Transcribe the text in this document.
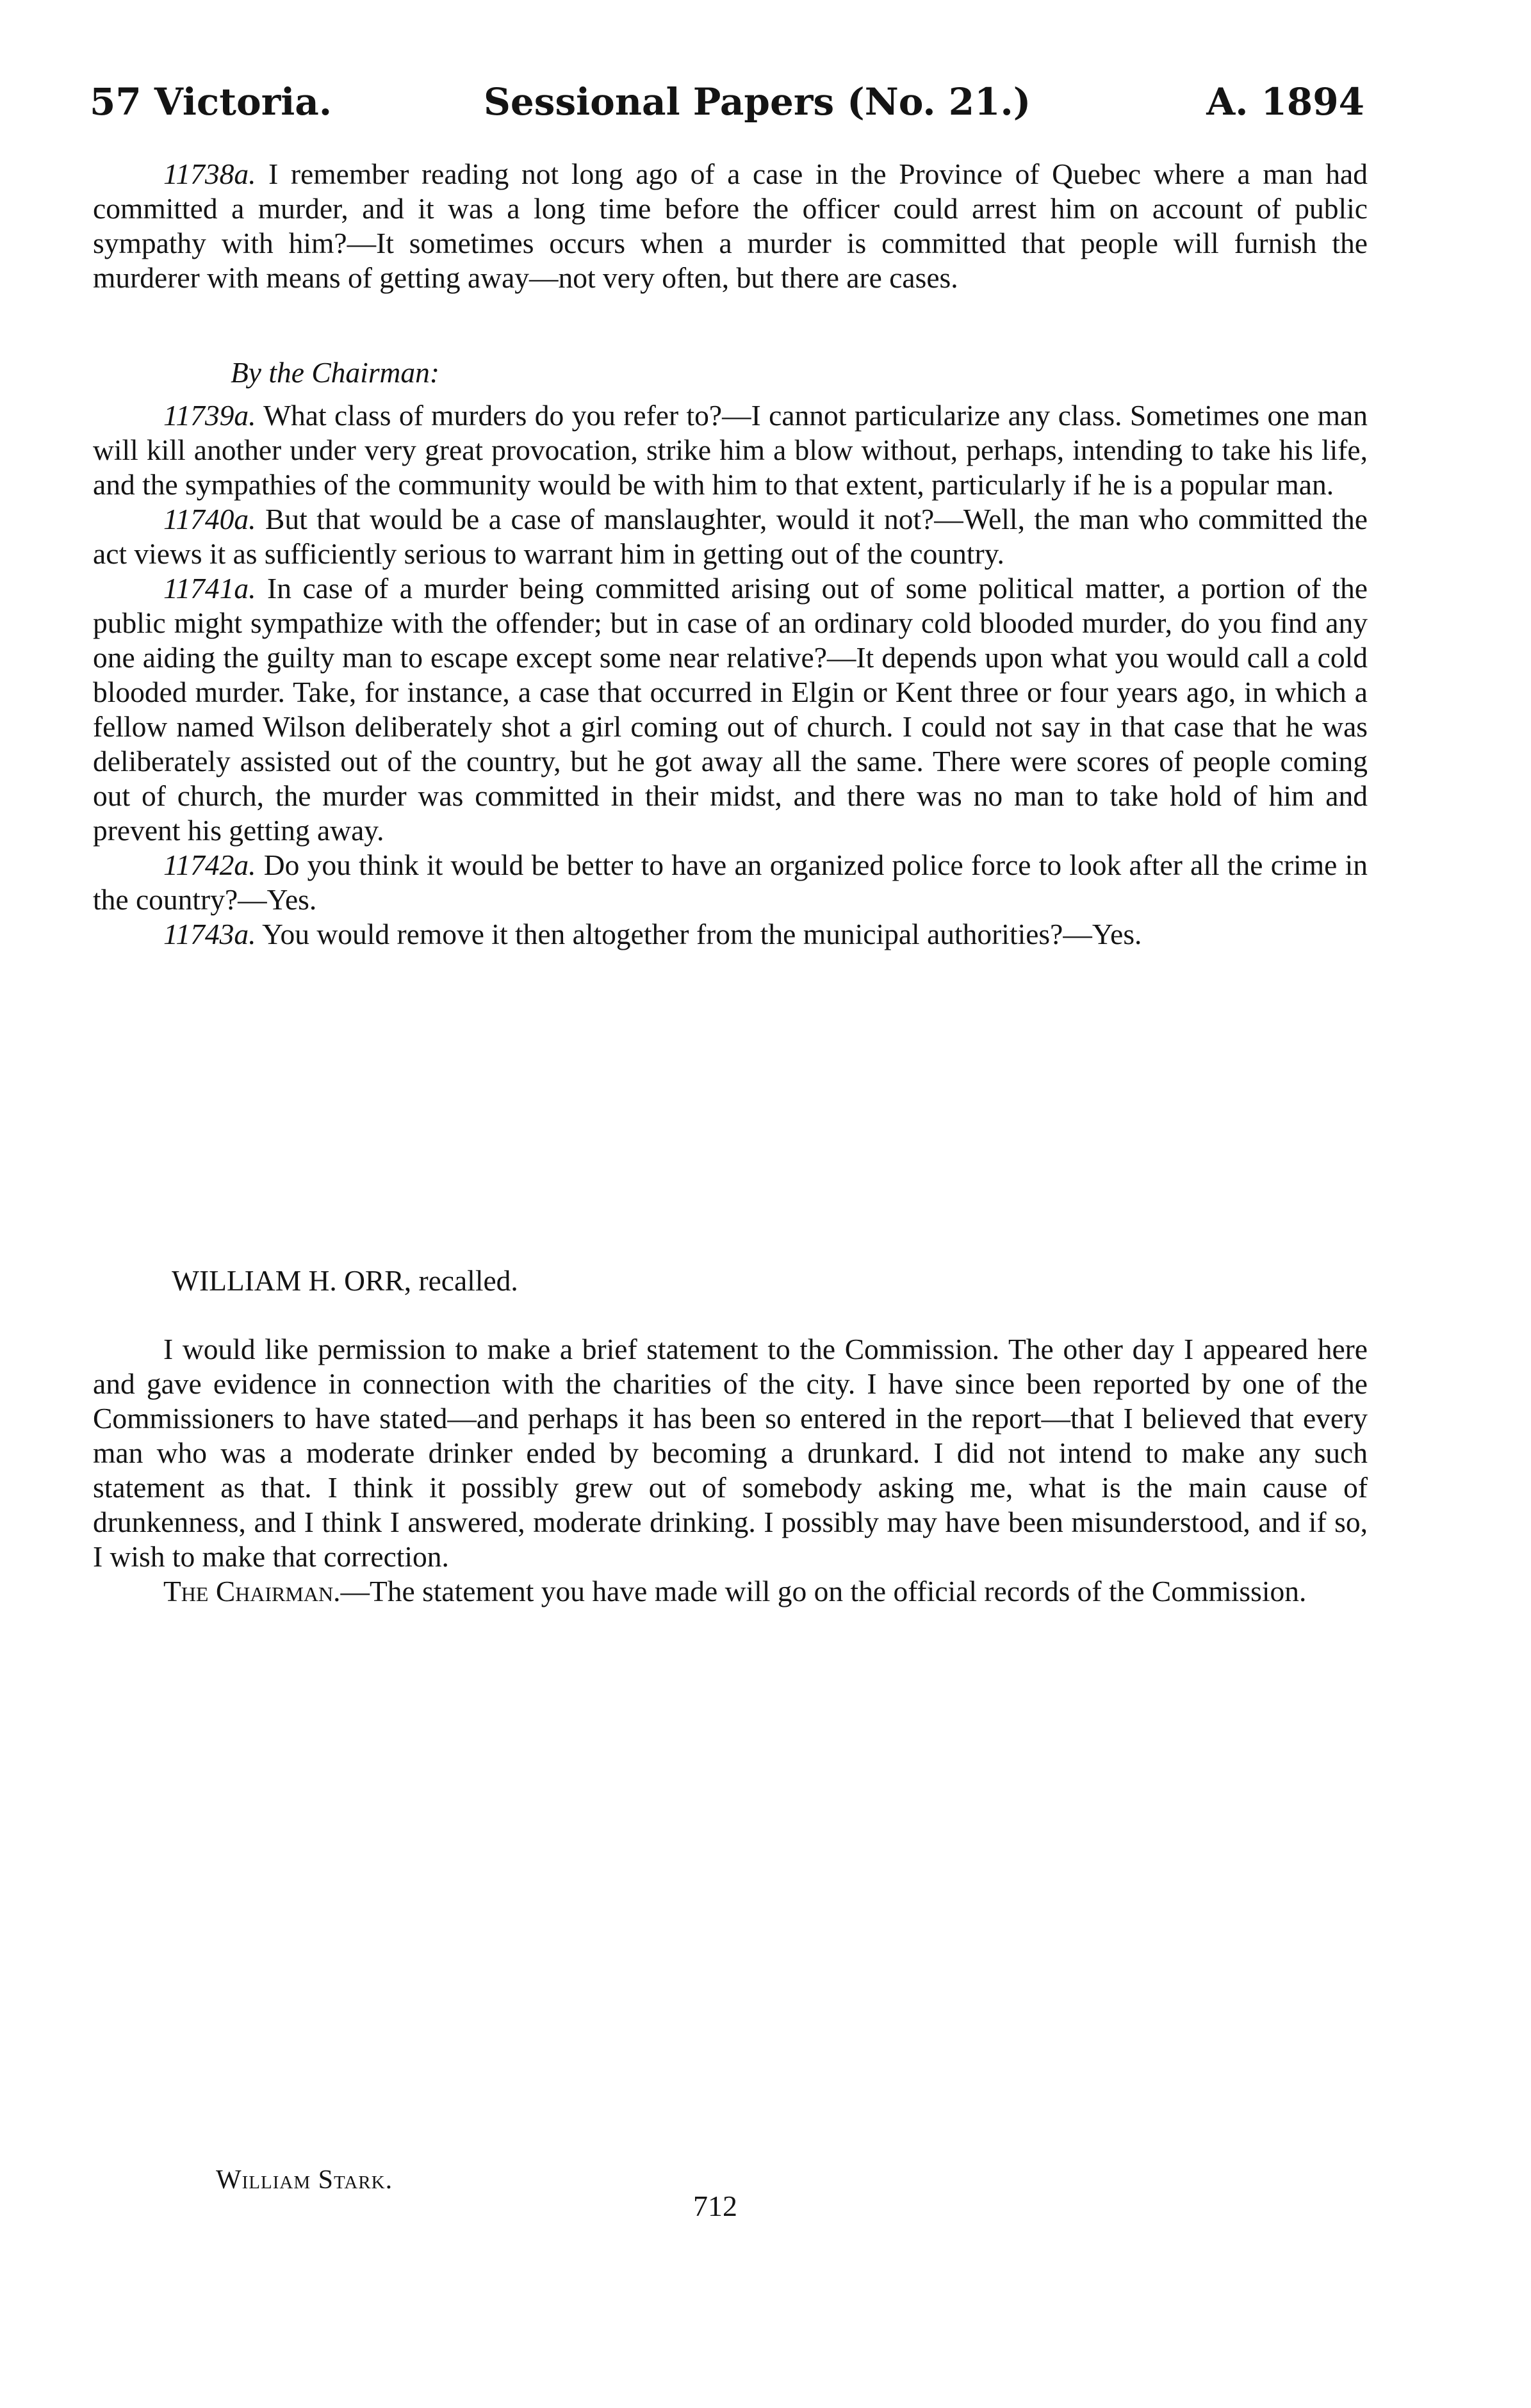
57 Victoria.	Sessional Papers (No. 21.)	A. 1894

11738a. I remember reading not long ago of a case in the Province of Quebec where a man had committed a murder, and it was a long time before the officer could arrest him on account of public sympathy with him?—It sometimes occurs when a murder is committed that people will furnish the murderer with means of getting away—not very often, but there are cases.

By the Chairman:

11739a. What class of murders do you refer to?—I cannot particularize any class. Sometimes one man will kill another under very great provocation, strike him a blow without, perhaps, intending to take his life, and the sympathies of the community would be with him to that extent, particularly if he is a popular man.

11740a. But that would be a case of manslaughter, would it not?—Well, the man who committed the act views it as sufficiently serious to warrant him in getting out of the country.

11741a. In case of a murder being committed arising out of some political matter, a portion of the public might sympathize with the offender; but in case of an ordinary cold blooded murder, do you find any one aiding the guilty man to escape except some near relative?—It depends upon what you would call a cold blooded murder. Take, for instance, a case that occurred in Elgin or Kent three or four years ago, in which a fellow named Wilson deliberately shot a girl coming out of church. I could not say in that case that he was deliberately assisted out of the country, but he got away all the same. There were scores of people coming out of church, the murder was committed in their midst, and there was no man to take hold of him and prevent his getting away.

11742a. Do you think it would be better to have an organized police force to look after all the crime in the country?—Yes.

11743a. You would remove it then altogether from the municipal authorities?—Yes.

WILLIAM H. ORR, recalled.

I would like permission to make a brief statement to the Commission. The other day I appeared here and gave evidence in connection with the charities of the city. I have since been reported by one of the Commissioners to have stated—and perhaps it has been so entered in the report—that I believed that every man who was a moderate drinker ended by becoming a drunkard. I did not intend to make any such statement as that. I think it possibly grew out of somebody asking me, what is the main cause of drunkenness, and I think I answered, moderate drinking. I possibly may have been misunderstood, and if so, I wish to make that correction.

The Chairman.—The statement you have made will go on the official records of the Commission.

William Stark.
712
